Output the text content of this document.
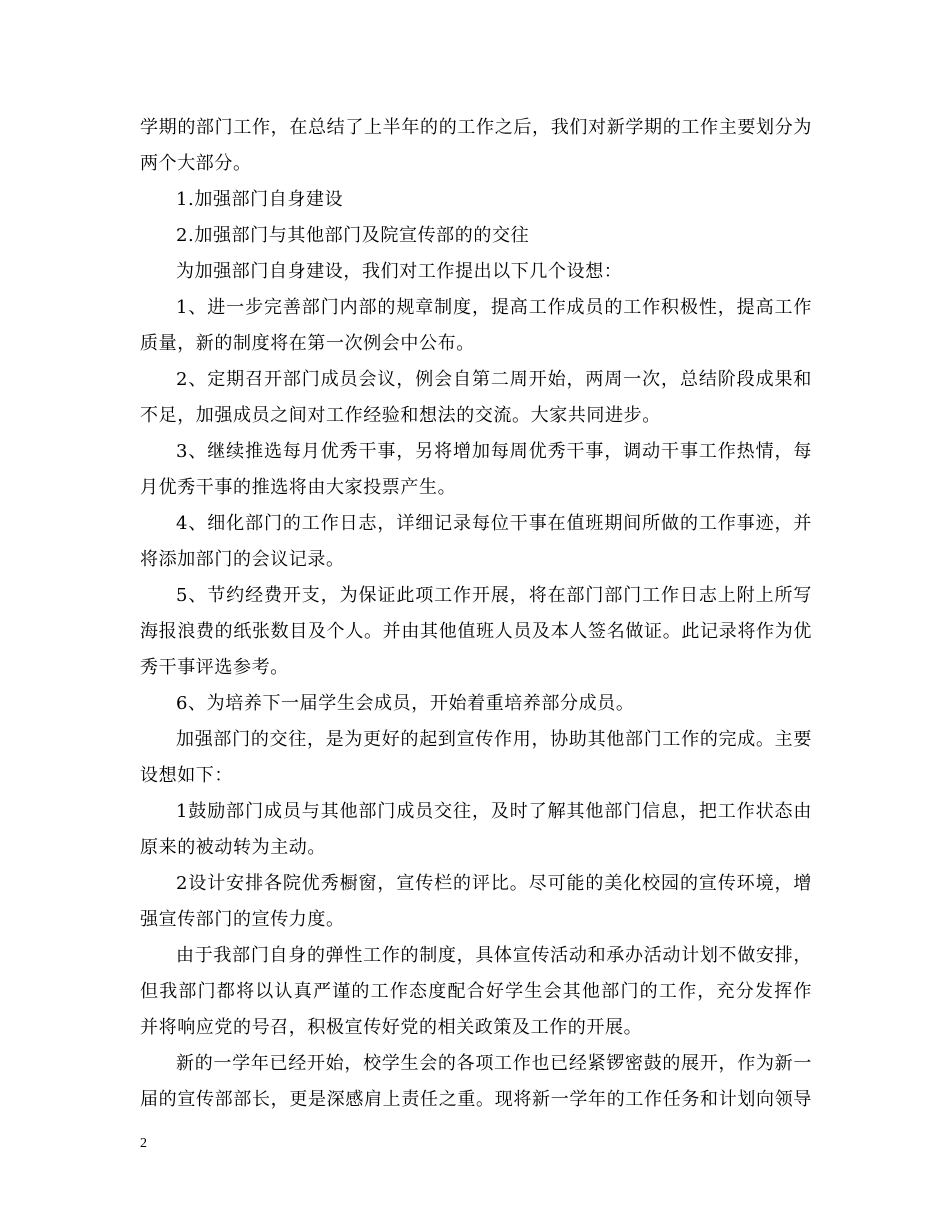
学期的部门工作，在总结了上半年的的工作之后，我们对新学期的工作主要划分为
两个大部分。
1.加强部门自身建设
2.加强部门与其他部门及院宣传部的的交往
为加强部门自身建设，我们对工作提出以下几个设想：
1、进一步完善部门内部的规章制度，提高工作成员的工作积极性，提高工作
质量，新的制度将在第一次例会中公布。
2、定期召开部门成员会议，例会自第二周开始，两周一次，总结阶段成果和
不足，加强成员之间对工作经验和想法的交流。大家共同进步。
3、继续推选每月优秀干事，另将增加每周优秀干事，调动干事工作热情，每
月优秀干事的推选将由大家投票产生。
4、细化部门的工作日志，详细记录每位干事在值班期间所做的工作事迹，并
将添加部门的会议记录。
5、节约经费开支，为保证此项工作开展，将在部门部门工作日志上附上所写
海报浪费的纸张数目及个人。并由其他值班人员及本人签名做证。此记录将作为优
秀干事评选参考。
6、为培养下一届学生会成员，开始着重培养部分成员。
加强部门的交往，是为更好的起到宣传作用，协助其他部门工作的完成。主要
设想如下：
1鼓励部门成员与其他部门成员交往，及时了解其他部门信息，把工作状态由
原来的被动转为主动。
2设计安排各院优秀橱窗，宣传栏的评比。尽可能的美化校园的宣传环境，增
强宣传部门的宣传力度。
由于我部门自身的弹性工作的制度，具体宣传活动和承办活动计划不做安排，
但我部门都将以认真严谨的工作态度配合好学生会其他部门的工作，充分发挥作
并将响应党的号召，积极宣传好党的相关政策及工作的开展。
新的一学年已经开始，校学生会的各项工作也已经紧锣密鼓的展开，作为新一
届的宣传部部长，更是深感肩上责任之重。现将新一学年的工作任务和计划向领导
2
